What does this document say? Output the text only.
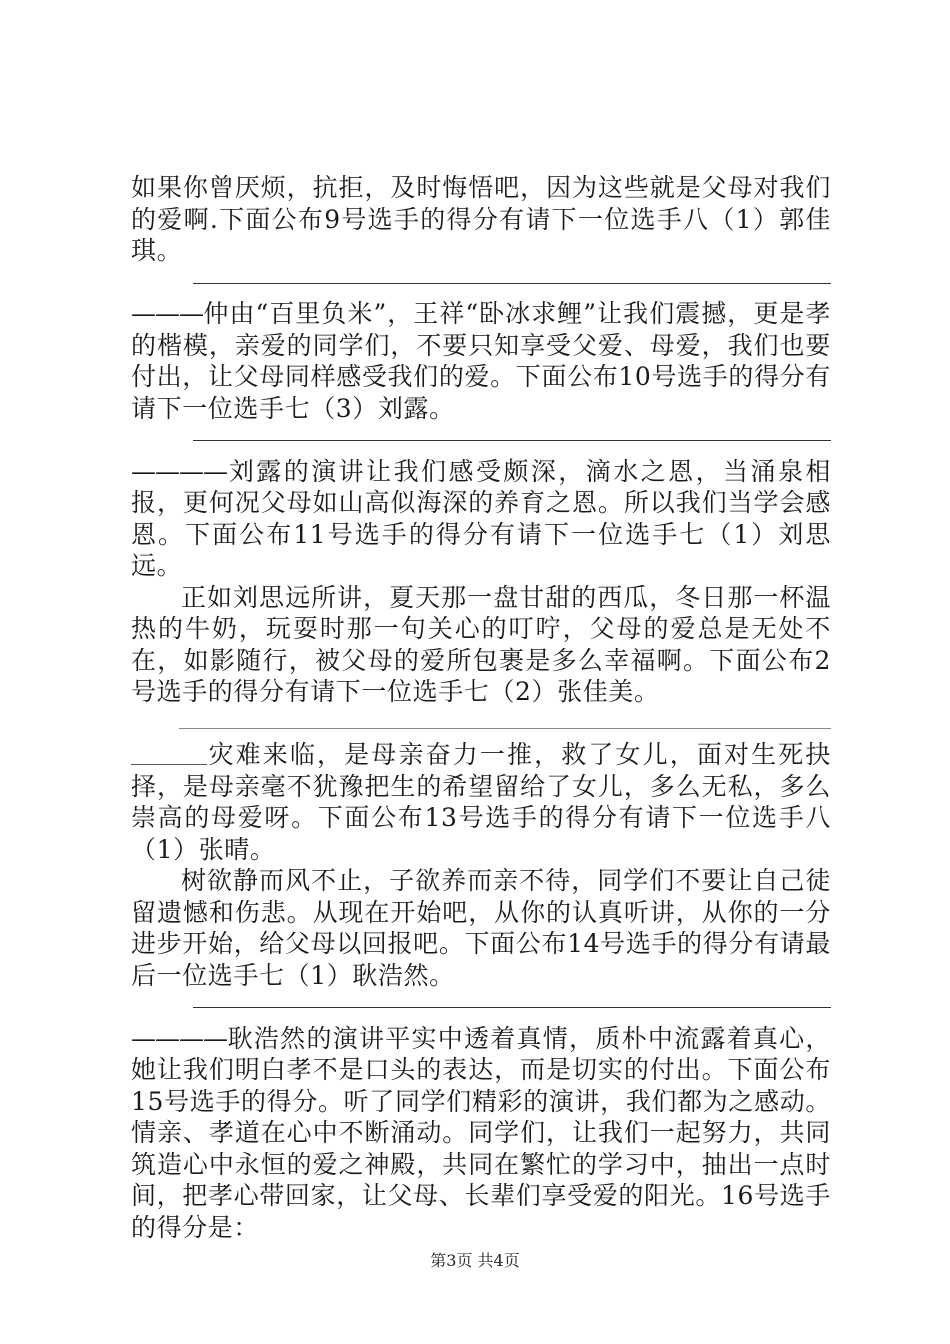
如果你曾厌烦，抗拒，及时悔悟吧，因为这些就是父母对我们的爱啊.下面公布9号选手的得分有请下一位选手八（1）郭佳琪。

———仲由“百里负米”，王祥“卧冰求鲤”让我们震撼，更是孝的楷模，亲爱的同学们，不要只知享受父爱、母爱，我们也要付出，让父母同样感受我们的爱。下面公布10号选手的得分有请下一位选手七（3）刘露。

————刘露的演讲让我们感受颇深，滴水之恩，当涌泉相报，更何况父母如山高似海深的养育之恩。所以我们当学会感恩。下面公布11号选手的得分有请下一位选手七（1）刘思远。

正如刘思远所讲，夏天那一盘甘甜的西瓜，冬日那一杯温热的牛奶，玩耍时那一句关心的叮咛，父母的爱总是无处不在，如影随行，被父母的爱所包裹是多么幸福啊。下面公布2号选手的得分有请下一位选手七（2）张佳美。

灾难来临，是母亲奋力一推，救了女儿，面对生死抉择，是母亲毫不犹豫把生的希望留给了女儿，多么无私，多么崇高的母爱呀。下面公布13号选手的得分有请下一位选手八（1）张晴。

树欲静而风不止，子欲养而亲不待，同学们不要让自己徒留遗憾和伤悲。从现在开始吧，从你的认真听讲，从你的一分进步开始，给父母以回报吧。下面公布14号选手的得分有请最后一位选手七（1）耿浩然。

————耿浩然的演讲平实中透着真情，质朴中流露着真心，她让我们明白孝不是口头的表达，而是切实的付出。下面公布15号选手的得分。听了同学们精彩的演讲，我们都为之感动。情亲、孝道在心中不断涌动。同学们，让我们一起努力，共同筑造心中永恒的爱之神殿，共同在繁忙的学习中，抽出一点时间，把孝心带回家，让父母、长辈们享受爱的阳光。16号选手的得分是：

第3页 共4页
